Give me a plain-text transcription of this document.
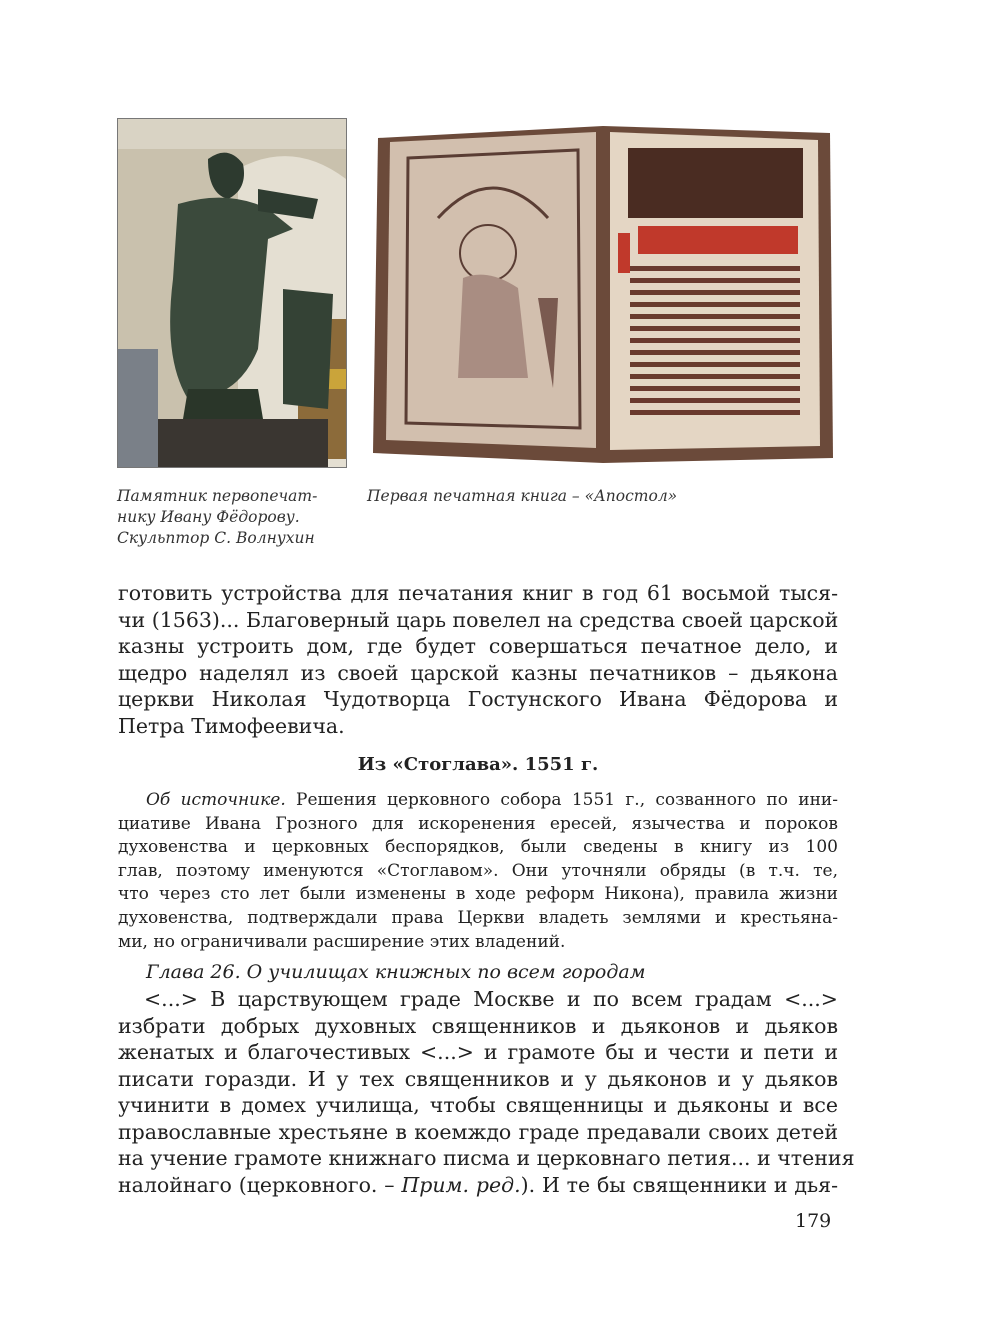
Памятник первопечат-
нику Ивану Фёдорову.
Скульптор С. Волнухин
Первая печатная книга – «Апостол»
готовить устройства для печатания книг в год 61 восьмой тыся-
чи (1563)... Благоверный царь повелел на средства своей царской
казны устроить дом, где будет совершаться печатное дело, и
щедро наделял из своей царской казны печатников – дьякона
церкви Николая Чудотворца Гостунского Ивана Фёдорова и
Петра Тимофеевича.
Из «Стоглава». 1551 г.
Об источнике. Решения церковного собора 1551 г., созванного по ини-
циативе Ивана Грозного для искоренения ересей, язычества и пороков
духовенства и церковных беспорядков, были сведены в книгу из 100
глав, поэтому именуются «Стоглавом». Они уточняли обряды (в т.ч. те,
что через сто лет были изменены в ходе реформ Никона), правила жизни
духовенства, подтверждали права Церкви владеть землями и крестьяна-
ми, но ограничивали расширение этих владений.
Глава 26. О училищах книжных по всем городам
<...> В царствующем граде Москве и по всем градам <...>
избрати добрых духовных священников и дьяконов и дьяков
женатых и благочестивых <...> и грамоте бы и чести и пети и
писати горазди. И у тех священников и у дьяконов и у дьяков
учинити в домех училища, чтобы священницы и дьяконы и все
православные хрестьяне в коемждо граде предавали своих детей
на учение грамоте книжнаго писма и церковнаго петия... и чтения
налойнаго (церковного. – Прим. ред.). И те бы священники и дья-
179
